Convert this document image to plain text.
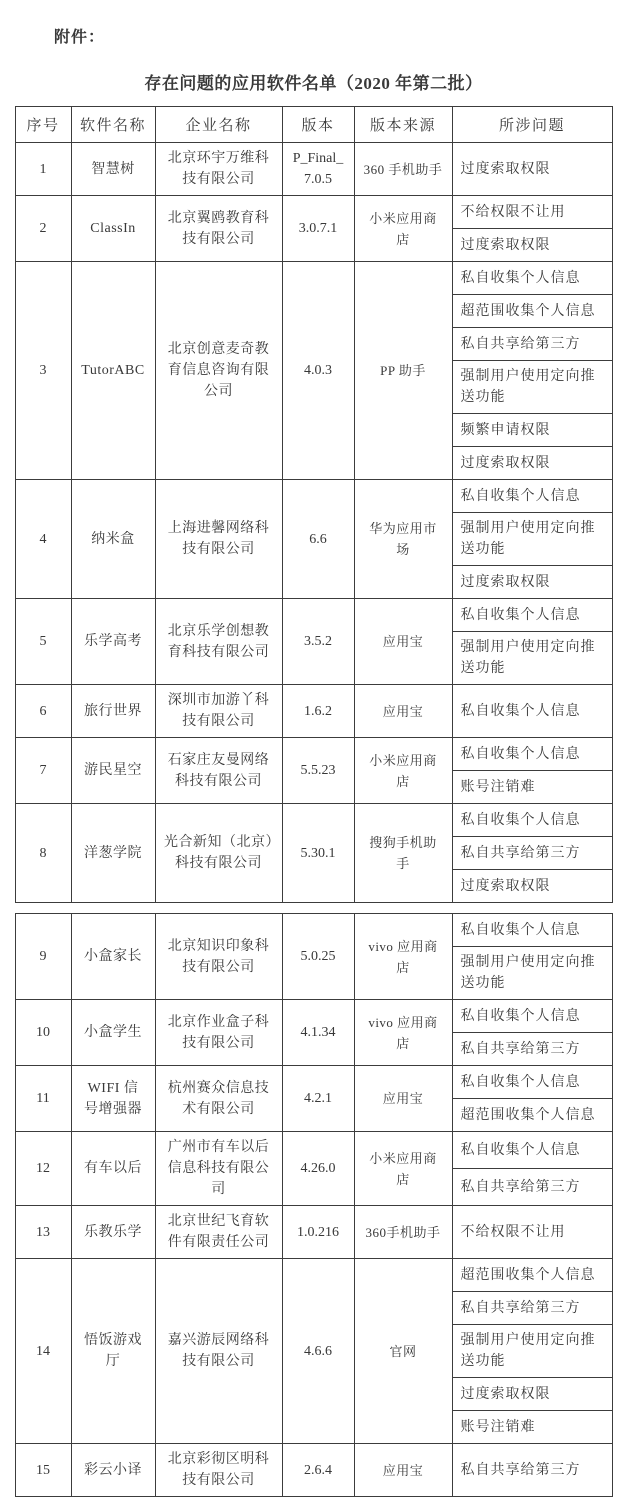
附件：
存在问题的应用软件名单（2020 年第二批）
序号	软件名称	企业名称	版本	版本来源	所涉问题
1	智慧树	北京环宇万维科技有限公司	P_Final_7.0.5	360 手机助手	过度索取权限
2	ClassIn	北京翼鸥教育科技有限公司	3.0.7.1	小米应用商店	不给权限不让用
					过度索取权限
3	TutorABC	北京创意麦奇教育信息咨询有限公司	4.0.3	PP 助手	私自收集个人信息
					超范围收集个人信息
					私自共享给第三方
					强制用户使用定向推送功能
					频繁申请权限
					过度索取权限
4	纳米盒	上海进馨网络科技有限公司	6.6	华为应用市场	私自收集个人信息
					强制用户使用定向推送功能
					过度索取权限
5	乐学高考	北京乐学创想教育科技有限公司	3.5.2	应用宝	私自收集个人信息
					强制用户使用定向推送功能
6	旅行世界	深圳市加游丫科技有限公司	1.6.2	应用宝	私自收集个人信息
7	游民星空	石家庄友曼网络科技有限公司	5.5.23	小米应用商店	私自收集个人信息
					账号注销难
8	洋葱学院	光合新知（北京）科技有限公司	5.30.1	搜狗手机助手	私自收集个人信息
					私自共享给第三方
					过度索取权限
9	小盒家长	北京知识印象科技有限公司	5.0.25	vivo 应用商店	私自收集个人信息
					强制用户使用定向推送功能
10	小盒学生	北京作业盒子科技有限公司	4.1.34	vivo 应用商店	私自收集个人信息
					私自共享给第三方
11	WIFI 信号增强器	杭州赛众信息技术有限公司	4.2.1	应用宝	私自收集个人信息
					超范围收集个人信息
12	有车以后	广州市有车以后信息科技有限公司	4.26.0	小米应用商店	私自收集个人信息
					私自共享给第三方
13	乐教乐学	北京世纪飞育软件有限责任公司	1.0.216	360手机助手	不给权限不让用
14	悟饭游戏厅	嘉兴游辰网络科技有限公司	4.6.6	官网	超范围收集个人信息
					私自共享给第三方
					强制用户使用定向推送功能
					过度索取权限
					账号注销难
15	彩云小译	北京彩彻区明科技有限公司	2.6.4	应用宝	私自共享给第三方
